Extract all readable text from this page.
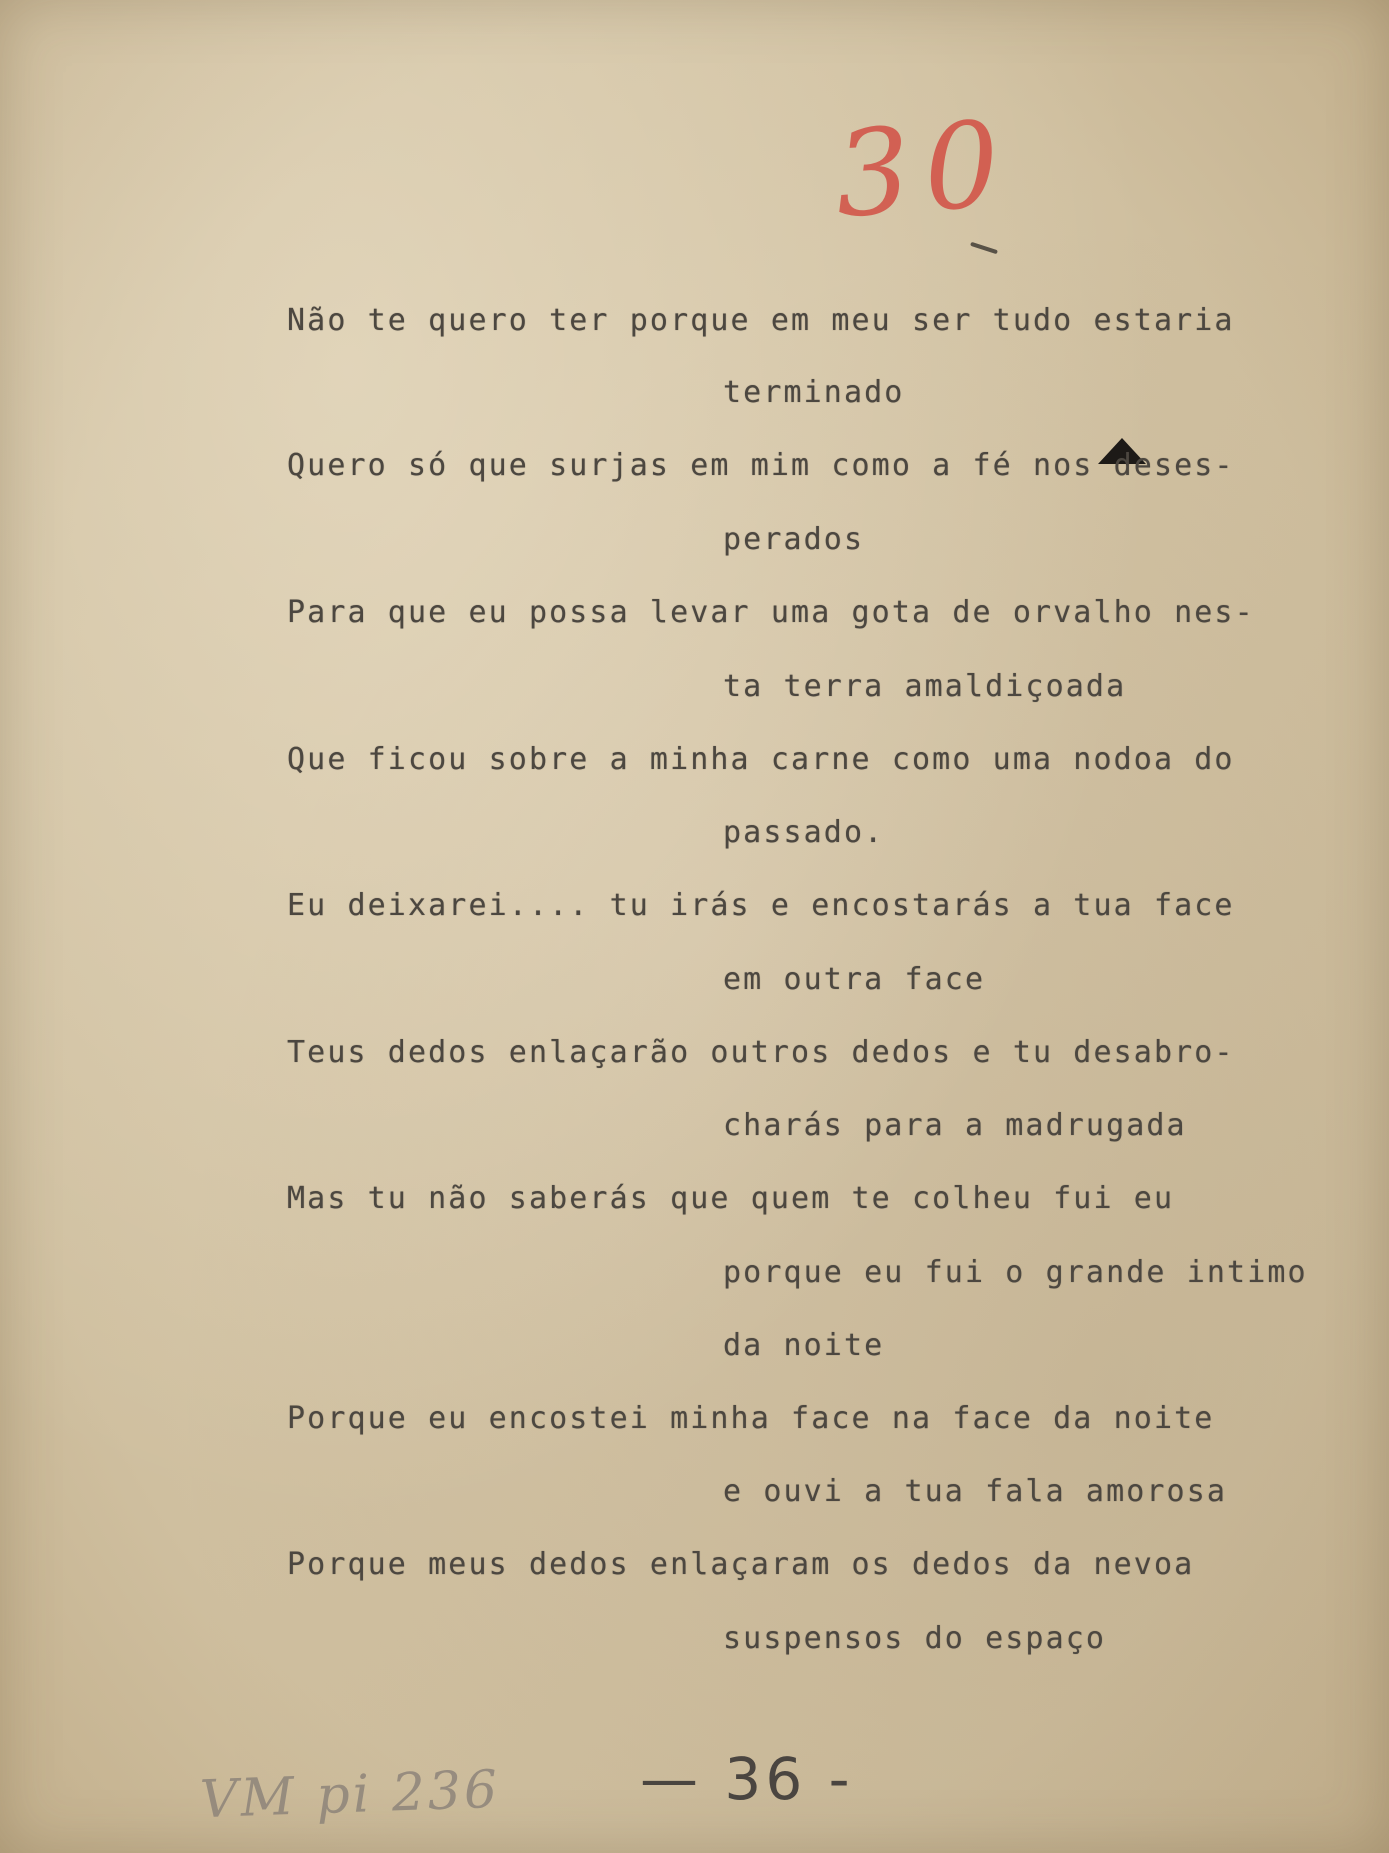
30
Não te quero ter porque em meu ser tudo estaria
terminado
Quero só que surjas em mim como a fé nos deses-
perados
Para que eu possa levar uma gota de orvalho nes-
ta terra amaldiçoada
Que ficou sobre a minha carne como uma nodoa do
passado.
Eu deixarei.... tu irás e encostarás a tua face
em outra face
Teus dedos enlaçarão outros dedos e tu desabro-
charás para a madrugada
Mas tu não saberás que quem te colheu fui eu
porque eu fui o grande intimo
da noite
Porque eu encostei minha face na face da noite
e ouvi a tua fala amorosa
Porque meus dedos enlaçaram os dedos da nevoa
suspensos do espaço
VM pi 236 — 36 -
